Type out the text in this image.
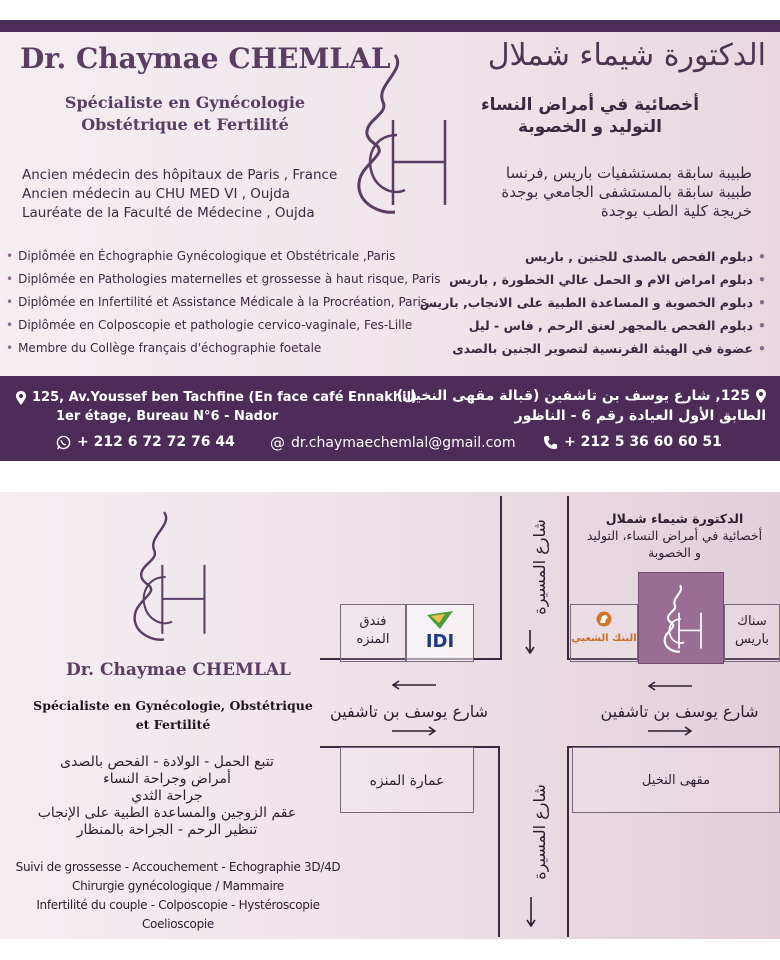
Dr. Chaymae CHEMLAL	الدكتورة شيماء شملال
Spécialiste en Gynécologie
Obstétrique et Fertilité
أخصائية في أمراض النساء
التوليد و الخصوبة
Ancien médecin des hôpitaux de Paris , France
Ancien médecin au CHU MED VI , Oujda
Lauréate de la Faculté de Médecine , Oujda
طبيبة سابقة بمستشفيات باريس ,فرنسا
طبيبة سابقة بالمستشفى الجامعي بوجدة
خريجة كلية الطب بوجدة
• Diplômée en Échographie Gynécologique et Obstétricale ,Paris
• Diplômée en Pathologies maternelles et grossesse à haut risque, Paris
• Diplômée en Infertilité et Assistance Médicale à la Procréation, Paris
• Diplômée en Colposcopie et pathologie cervico-vaginale, Fes-Lille
• Membre du Collège français d'échographie foetale
• دبلوم الفحص بالصدى للجنين , باريس
• دبلوم امراض الام و الحمل عالي الخطورة , باريس
• دبلوم الخصوبة و المساعدة الطبية على الانجاب, باريس
• دبلوم الفحص بالمجهر لعنق الرحم , فاس - ليل
• عضوة في الهيئة الفرنسية لتصوير الجنين بالصدى
125, Av.Youssef ben Tachfine (En face café Ennakhil)
1er étage, Bureau N°6 - Nador
125, شارع يوسف بن تاشفين (قبالة مقهى النخيل)
الطابق الأول العيادة رقم 6 - الناظور
+ 212 6 72 72 76 44 @ dr.chaymaechemlal@gmail.com	+ 212 5 36 60 60 51
Dr. Chaymae CHEMLAL
Spécialiste en Gynécologie, Obstétrique
et Fertilité
تتبع الحمل - الولادة - الفحص بالصدى
أمراض وجراحة النساء
جراحة الثدي
عقم الزوجين والمساعدة الطبية على الإنجاب
تنظير الرحم - الجراحة بالمنظار
Suivi de grossesse - Accouchement - Echographie 3D/4D
Chirurgie gynécologique / Mammaire
Infertilité du couple - Colposcopie - Hystéroscopie
Coelioscopie
شارع المسيرة
شارع المسيرة
شارع يوسف بن تاشفين	شارع يوسف بن تاشفين
الدكتورة شيماء شملال
أخصائية في أمراض النساء، التوليد
و الخصوبة
فندق
المنزه	IDI	البنك الشعبي
سناك
باريس
عمارة المنزه	مقهى النخيل
